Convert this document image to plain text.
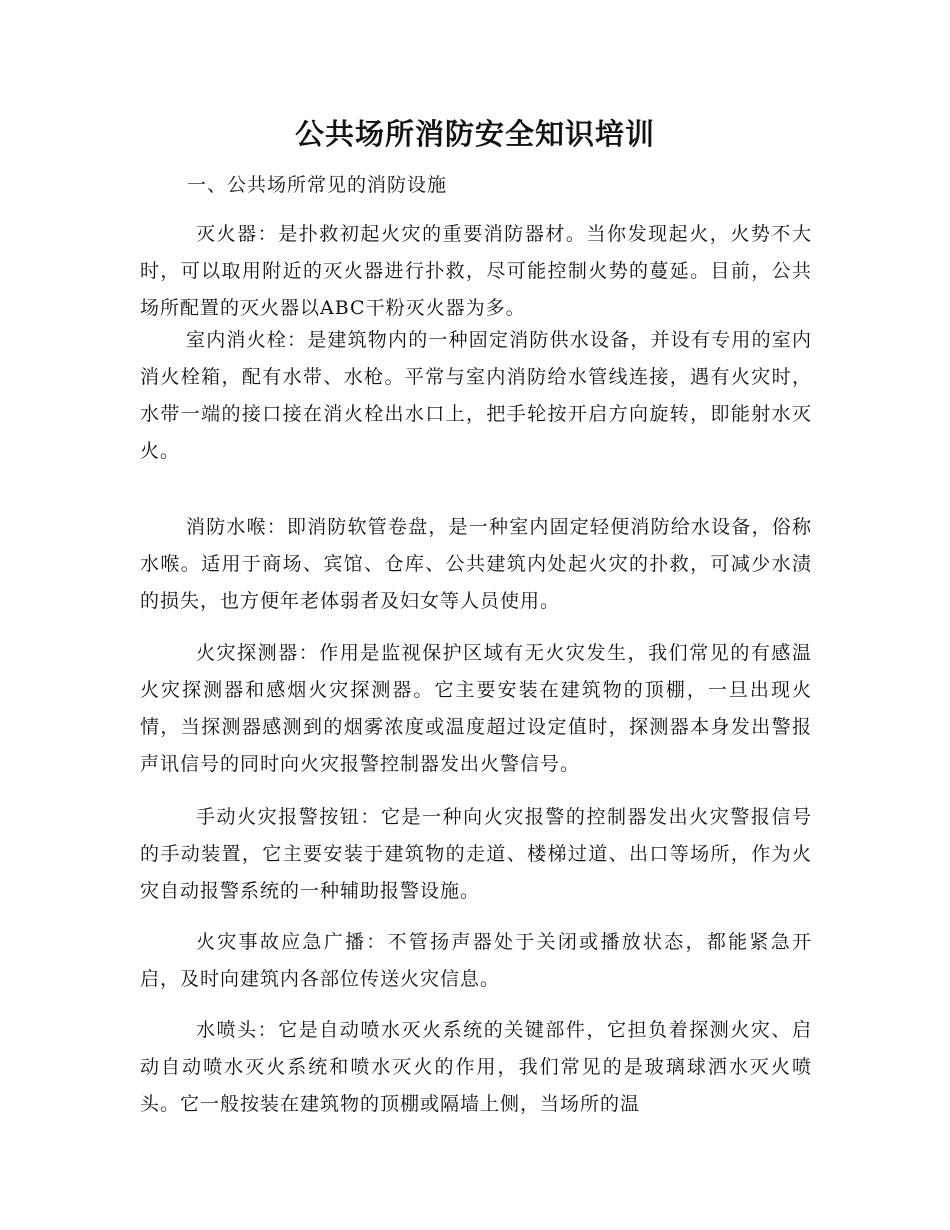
公共场所消防安全知识培训

一、公共场所常见的消防设施

灭火器：是扑救初起火灾的重要消防器材。当你发现起火，火势不大时，可以取用附近的灭火器进行扑救，尽可能控制火势的蔓延。目前，公共场所配置的灭火器以ABC干粉灭火器为多。

室内消火栓：是建筑物内的一种固定消防供水设备，并设有专用的室内消火栓箱，配有水带、水枪。平常与室内消防给水管线连接，遇有火灾时，水带一端的接口接在消火栓出水口上，把手轮按开启方向旋转，即能射水灭火。

消防水喉：即消防软管卷盘，是一种室内固定轻便消防给水设备，俗称水喉。适用于商场、宾馆、仓库、公共建筑内处起火灾的扑救，可减少水渍的损失，也方便年老体弱者及妇女等人员使用。

火灾探测器：作用是监视保护区域有无火灾发生，我们常见的有感温火灾探测器和感烟火灾探测器。它主要安装在建筑物的顶棚，一旦出现火情，当探测器感测到的烟雾浓度或温度超过设定值时，探测器本身发出警报声讯信号的同时向火灾报警控制器发出火警信号。

手动火灾报警按钮：它是一种向火灾报警的控制器发出火灾警报信号的手动装置，它主要安装于建筑物的走道、楼梯过道、出口等场所，作为火灾自动报警系统的一种辅助报警设施。

火灾事故应急广播：不管扬声器处于关闭或播放状态，都能紧急开启，及时向建筑内各部位传送火灾信息。

水喷头：它是自动喷水灭火系统的关键部件，它担负着探测火灾、启动自动喷水灭火系统和喷水灭火的作用，我们常见的是玻璃球洒水灭火喷头。它一般按装在建筑物的顶棚或隔墙上侧，当场所的温
